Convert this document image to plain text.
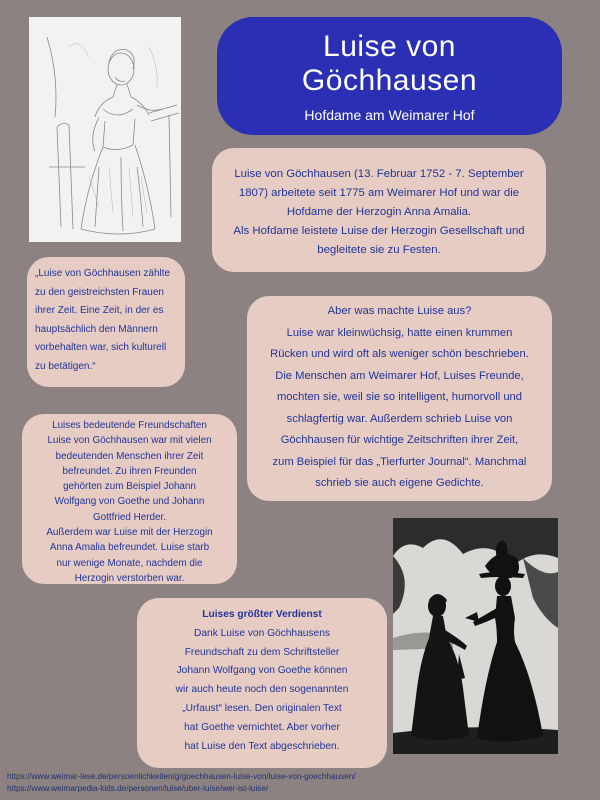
Luise von
Göchhausen
Hofdame am Weimarer Hof

Luise von Göchhausen (13. Februar 1752 - 7. September

1807) arbeitete seit 1775 am Weimarer Hof und war die

Hofdame der Herzogin Anna Amalia.

Als Hofdame leistete Luise der Herzogin Gesellschaft und

begleitete sie zu Festen.

„Luise von Göchhausen zählte

zu den geistreichsten Frauen

ihrer Zeit. Eine Zeit, in der es

hauptsächlich den Männern

vorbehalten war, sich kulturell

zu betätigen.“

Aber was machte Luise aus?

Luise war kleinwüchsig, hatte einen krummen

Rücken und wird oft als weniger schön beschrieben.

Die Menschen am Weimarer Hof, Luises Freunde,

mochten sie, weil sie so intelligent, humorvoll und

schlagfertig war. Außerdem schrieb Luise von

Göchhausen für wichtige Zeitschriften ihrer Zeit,

zum Beispiel für das „Tierfurter Journal“. Manchmal

schrieb sie auch eigene Gedichte.

Luises bedeutende Freundschaften

Luise von Göchhausen war mit vielen

bedeutenden Menschen ihrer Zeit

befreundet. Zu ihren Freunden

gehörten zum Beispiel Johann

Wolfgang von Goethe und Johann

Gottfried Herder.

Außerdem war Luise mit der Herzogin

Anna Amalia befreundet. Luise starb

nur wenige Monate, nachdem die

Herzogin verstorben war.

Luises größter Verdienst

Dank Luise von Göchhausens

Freundschaft zu dem Schriftsteller

Johann Wolfgang von Goethe können

wir auch heute noch den sogenannten

„Urfaust“ lesen. Den originalen Text

hat Goethe vernichtet. Aber vorher

hat Luise den Text abgeschrieben.

https://www.weimar-lese.de/persoenlichkeiten/g/goechhausen-luise-von/luise-von-goechhausen/

https://www.weimarpedia-kids.de/personen/luise/uber-luise/wer-ist-luise/
